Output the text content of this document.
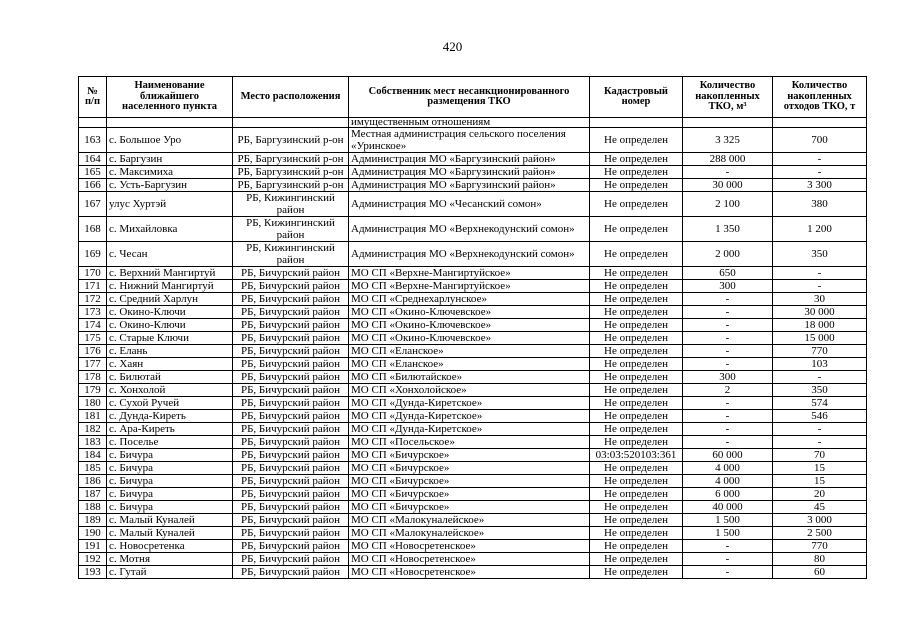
420
№
п/п	Наименование
ближайшего
населенного пункта	Место расположения	Собственник мест несанкционированного
размещения ТКО	Кадастровый
номер	Количество
накопленных
ТКО, м³	Количество
накопленных
отходов ТКО, т
			имущественным отношениям			
163	с. Большое Уро	РБ, Баргузинский р-он	Местная администрация сельского поселения
«Уринское»	Не определен	3 325	700
164	с. Баргузин	РБ, Баргузинский р-он	Администрация МО «Баргузинский район»	Не определен	288 000	-
165	с. Максимиха	РБ, Баргузинский р-он	Администрация МО «Баргузинский район»	Не определен	-	-
166	с. Усть-Баргузин	РБ, Баргузинский р-он	Администрация МО «Баргузинский район»	Не определен	30 000	3 300
167	улус Хуртэй	РБ, Кижингинский
район	Администрация МО «Чесанский сомон»	Не определен	2 100	380
168	с. Михайловка	РБ, Кижингинский
район	Администрация МО «Верхнекодунский сомон»	Не определен	1 350	1 200
169	с. Чесан	РБ, Кижингинский
район	Администрация МО «Верхнекодунский сомон»	Не определен	2 000	350
170	с. Верхний Мангиртуй	РБ, Бичурский район	МО СП «Верхне-Мангиртуйское»	Не определен	650	-
171	с. Нижний Мангиртуй	РБ, Бичурский район	МО СП «Верхне-Мангиртуйское»	Не определен	300	-
172	с. Средний Харлун	РБ, Бичурский район	МО СП «Среднехарлунское»	Не определен	-	30
173	с. Окино-Ключи	РБ, Бичурский район	МО СП «Окино-Ключевское»	Не определен	-	30 000
174	с. Окино-Ключи	РБ, Бичурский район	МО СП «Окино-Ключевское»	Не определен	-	18 000
175	с. Старые Ключи	РБ, Бичурский район	МО СП «Окино-Ключевское»	Не определен	-	15 000
176	с. Елань	РБ, Бичурский район	МО СП «Еланское»	Не определен	-	770
177	с. Хаян	РБ, Бичурский район	МО СП «Еланское»	Не определен	-	103
178	с. Билютай	РБ, Бичурский район	МО СП «Билютайское»	Не определен	300	-
179	с. Хонхолой	РБ, Бичурский район	МО СП «Хонхолойское»	Не определен	2	350
180	с. Сухой Ручей	РБ, Бичурский район	МО СП «Дунда-Киретское»	Не определен	-	574
181	с. Дунда-Киреть	РБ, Бичурский район	МО СП «Дунда-Киретское»	Не определен	-	546
182	с. Ара-Киреть	РБ, Бичурский район	МО СП «Дунда-Киретское»	Не определен	-	-
183	с. Поселье	РБ, Бичурский район	МО СП «Посельское»	Не определен	-	-
184	с. Бичура	РБ, Бичурский район	МО СП «Бичурское»	03:03:520103:361	60 000	70
185	с. Бичура	РБ, Бичурский район	МО СП «Бичурское»	Не определен	4 000	15
186	с. Бичура	РБ, Бичурский район	МО СП «Бичурское»	Не определен	4 000	15
187	с. Бичура	РБ, Бичурский район	МО СП «Бичурское»	Не определен	6 000	20
188	с. Бичура	РБ, Бичурский район	МО СП «Бичурское»	Не определен	40 000	45
189	с. Малый Куналей	РБ, Бичурский район	МО СП «Малокуналейское»	Не определен	1 500	3 000
190	с. Малый Куналей	РБ, Бичурский район	МО СП «Малокуналейское»	Не определен	1 500	2 500
191	с. Новосретенка	РБ, Бичурский район	МО СП «Новосретенское»	Не определен	-	770
192	с. Мотня	РБ, Бичурский район	МО СП «Новосретенское»	Не определен	-	80
193	с. Гутай	РБ, Бичурский район	МО СП «Новосретенское»	Не определен	-	60
